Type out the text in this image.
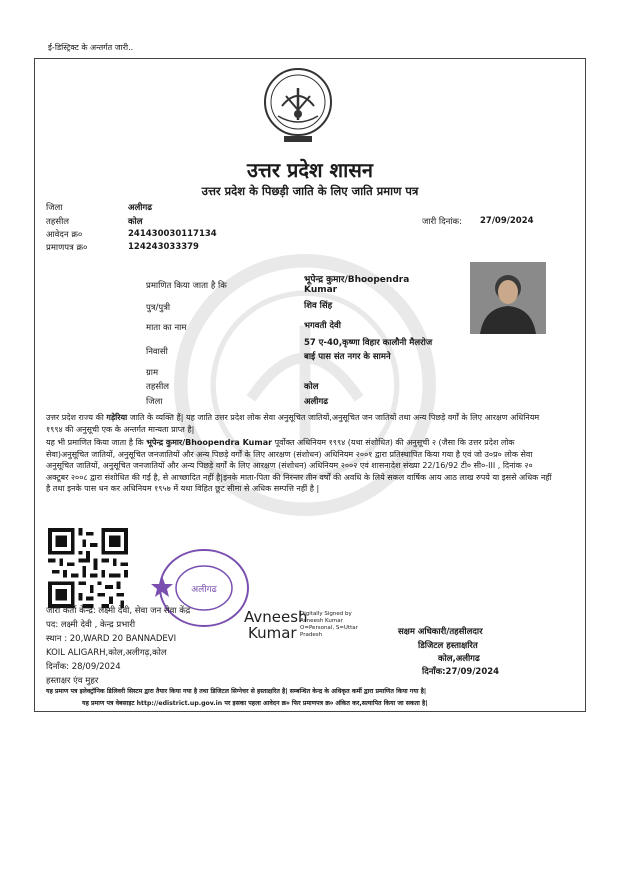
ई-डिस्ट्रिक्ट के अन्तर्गत जारी..
उत्तर प्रदेश शासन
उत्तर प्रदेश के पिछड़ी जाति के लिए जाति प्रमाण पत्र
जिला	अलीगढ
तहसील	कोल
आवेदन क्र०	241430030117134
प्रमाणपत्र क्र०	124243033379
जारी दिनांक: 27/09/2024
प्रमाणित किया जाता है कि
भूपेन्द्र कुमार/Bhoopendra
Kumar
पुत्र/पुत्री	शिव सिंह
माता का नाम	भगवती देवी
निवासी
57 ए-40,कृष्णा विहार कालौनी मैलरोज
बाई पास संत नगर के सामने
ग्राम
तहसील	कोल
जिला	अलीगढ
उत्तर प्रदेश राज्य की गड़ेरिया जाति के व्यक्ति हैं| यह जाति उत्तर प्रदेश लोक सेवा अनुसूचित जातियों,अनुसूचित जन जातियों तथा अन्य पिछड़े वर्गों के लिए आरक्षण अधिनियम १९९४ की अनुसूची एक के अन्तर्गत मान्यता प्राप्त है|
यह भी प्रमाणित किया जाता है कि भूपेन्द्र कुमार/Bhoopendra Kumar पूर्वोक्त अधिनियम १९९४ (यथा संशोधित) की अनुसूची २ (जैसा कि उत्तर प्रदेश लोक सेवा)अनुसूचित जातियों, अनुसूचित जनजातियों और अन्य पिछड़े वर्गों के लिए आरक्षण (संशोधन) अधिनियम २००१ द्वारा प्रतिस्थापित किया गया है एवं जो उ०प्र० लोक सेवा अनुसूचित जातियों, अनुसूचित जनजातियों और अन्य पिछड़े वर्गों के लिए आरक्षण (संशोधन) अधिनियम २००२ एवं शासनादेश संख्या 22/16/92 टी० सी०-III , दिनांक २० अक्टूबर २००८ द्वारा संशोधित की गई है, से आच्छादित नहीं है|इनके माता-पिता की निरन्तर तीन वर्षों की अवधि के लिये सकल वार्षिक आय आठ लाख रुपये या इससे अधिक नहीं है तथा इनके पास धन कर अधिनियम १९५७ में यथा विहित छूट सीमा से अधिक सम्पत्ति नहीं है |
अलीगढ
जारी कर्ता केन्द्र: लक्ष्मी देवी, सेवा जन सेवा केंद्र
पद: लक्ष्मी देवी , केन्द्र प्रभारी
स्थान : 20,WARD 20 BANNADEVI
KOIL ALIGARH,कोल,अलीगढ़,कोल
दिनाँक: 28/09/2024
हस्ताक्षर एंव मुहर
Avneesh
Kumar
Digitally Signed by
Avneesh Kumar
O=Personal, S=Uttar
Pradesh	सक्षम अधिकारी/तहसीलदार
डिजिटल हस्ताक्षरित
कोल,अलीगढ
दिनाँक:27/09/2024
यह प्रमाण पत्र इलेक्ट्रॉनिक डिलिवरी सिस्टम द्वारा तैयार किया गया है तथा डिजिटल सिग्नेचर से हस्ताक्षरित है| सम्बन्धित केन्द्र के अधिकृत कर्मी द्वारा प्रमाणित किया गया है|
यह प्रमाण पत्र वेबसाइट http://edistrict.up.gov.in पर इसका पहला आवेदन क्र० फिर प्रमाणपत्र क्र० अंकित कर,सत्यापित किया जा सकता है|
